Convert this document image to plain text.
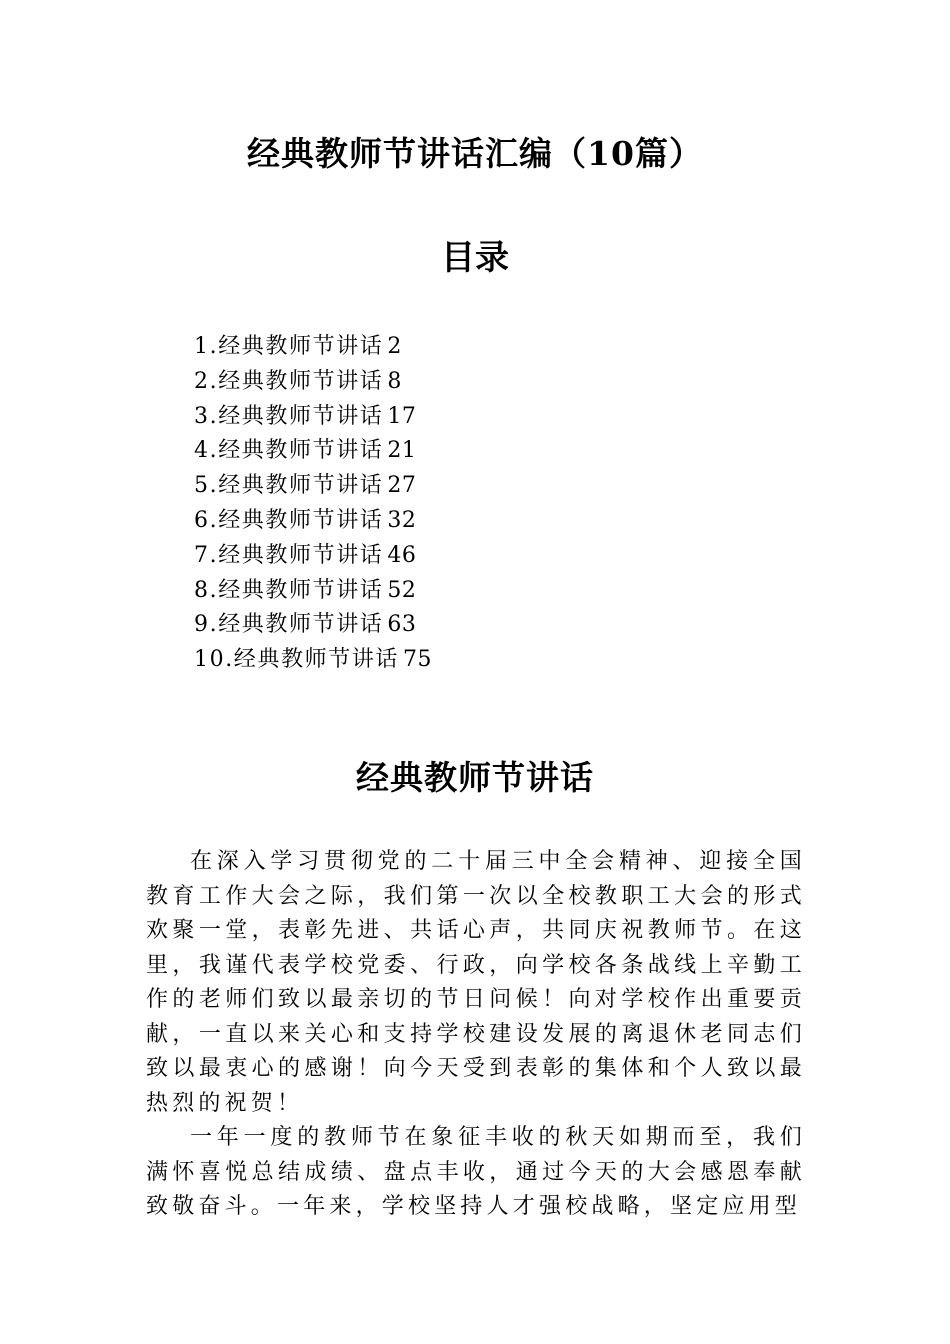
经典教师节讲话汇编（10篇）
目录
1.经典教师节讲话 2
2.经典教师节讲话 8
3.经典教师节讲话 17
4.经典教师节讲话 21
5.经典教师节讲话 27
6.经典教师节讲话 32
7.经典教师节讲话 46
8.经典教师节讲话 52
9.经典教师节讲话 63
10.经典教师节讲话 75
经典教师节讲话

在深入学习贯彻党的二十届三中全会精神、迎接全国教育工作大会之际，我们第一次以全校教职工大会的形式欢聚一堂，表彰先进、共话心声，共同庆祝教师节。在这里，我谨代表学校党委、行政，向学校各条战线上辛勤工作的老师们致以最亲切的节日问候！向对学校作出重要贡献，一直以来关心和支持学校建设发展的离退休老同志们致以最衷心的感谢！向今天受到表彰的集体和个人致以最热烈的祝贺！

一年一度的教师节在象征丰收的秋天如期而至，我们满怀喜悦总结成绩、盘点丰收，通过今天的大会感恩奉献致敬奋斗。一年来，学校坚持人才强校战略，坚定应用型
